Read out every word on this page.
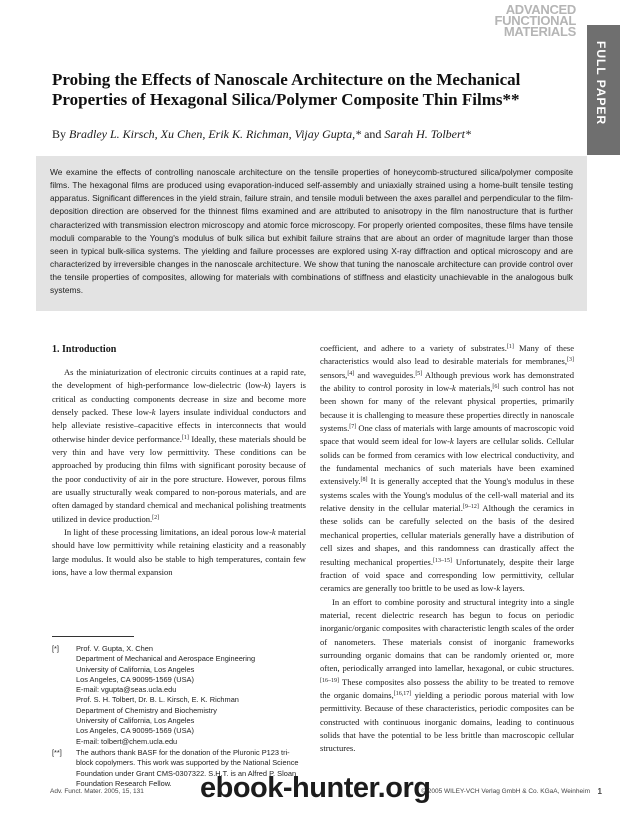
ADVANCED
FUNCTIONAL
MATERIALS
FULL PAPER
Probing the Effects of Nanoscale Architecture on the Mechanical Properties of Hexagonal Silica/Polymer Composite Thin Films**
By Bradley L. Kirsch, Xu Chen, Erik K. Richman, Vijay Gupta,* and Sarah H. Tolbert*
We examine the effects of controlling nanoscale architecture on the tensile properties of honeycomb-structured silica/polymer composite films. The hexagonal films are produced using evaporation-induced self-assembly and uniaxially strained using a home-built tensile testing apparatus. Significant differences in the yield strain, failure strain, and tensile moduli between the axes parallel and perpendicular to the film-deposition direction are observed for the thinnest films examined and are attributed to anisotropy in the film nanostructure that is further characterized with transmission electron microscopy and atomic force microscopy. For properly oriented composites, these films have tensile moduli comparable to the Young's modulus of bulk silica but exhibit failure strains that are about an order of magnitude larger than those seen in typical bulk-silica systems. The yielding and failure processes are explored using X-ray diffraction and optical microscopy and are characterized by irreversible changes in the nanoscale architecture. We show that tuning the nanoscale architecture can provide control over the tensile properties of composites, allowing for materials with combinations of stiffness and elasticity unachievable in the analogous bulk systems.
1. Introduction

As the miniaturization of electronic circuits continues at a rapid rate, the development of high-performance low-dielectric (low-k) layers is critical as conducting components decrease in size and become more densely packed. These low-k layers insulate individual conductors and help alleviate resistive–capacitive effects in interconnects that would otherwise hinder device performance.[1] Ideally, these materials should be very thin and have very low permittivity. These conditions can be approached by producing thin films with significant porosity because of the poor conductivity of air in the pore structure. However, porous films are usually structurally weak compared to non-porous materials, and are often damaged by standard chemical and mechanical polishing treatments utilized in device production.[2]

In light of these processing limitations, an ideal porous low-k material should have low permittivity while retaining elasticity and a reasonably large modulus. It would also be stable to high temperatures, contain few ions, have a low thermal expansion

coefficient, and adhere to a variety of substrates.[1] Many of these characteristics would also lead to desirable materials for membranes,[3] sensors,[4] and waveguides.[5] Although previous work has demonstrated the ability to control porosity in low-k materials,[6] such control has not been shown for many of the relevant physical properties, primarily because it is challenging to measure these properties directly in nanoscale systems.[7] One class of materials with large amounts of macroscopic void space that would seem ideal for low-k layers are cellular solids. Cellular solids can be formed from ceramics with low electrical conductivity, and the fundamental mechanics of such materials have been examined extensively.[8] It is generally accepted that the Young's modulus in these systems scales with the Young's modulus of the cell-wall material and its relative density in the cellular material.[9–12] Although the ceramics in these solids can be carefully selected on the basis of the desired mechanical properties, cellular materials generally have a distribution of cell sizes and shapes, and this randomness can drastically affect the resulting mechanical properties.[13–15] Unfortunately, despite their large fraction of void space and corresponding low permittivity, cellular ceramics are generally too brittle to be used as low-k layers.

In an effort to combine porosity and structural integrity into a single material, recent dielectric research has begun to focus on periodic inorganic/organic composites with characteristic length scales of the order of nanometers. These materials consist of inorganic frameworks surrounding organic domains that can be randomly oriented or, more often, periodically arranged into lamellar, hexagonal, or cubic structures.[16–19] These composites also possess the ability to be treated to remove the organic domains,[16,17] yielding a periodic porous material with low permittivity. Because of these characteristics, periodic composites can be constructed with continuous inorganic domains, leading to continuous solids that have the potential to be less brittle than macroscopic cellular structures.

[*] Prof. V. Gupta, X. Chen
Department of Mechanical and Aerospace Engineering
University of California, Los Angeles
Los Angeles, CA 90095-1569 (USA)
E-mail: vgupta@seas.ucla.edu
Prof. S. H. Tolbert, Dr. B. L. Kirsch, E. K. Richman
Department of Chemistry and Biochemistry
University of California, Los Angeles
Los Angeles, CA 90095-1569 (USA)
E-mail: tolbert@chem.ucla.edu
[**] The authors thank BASF for the donation of the Pluronic P123 tri-
block copolymers. This work was supported by the National Science
Foundation under Grant CMS-0307322. S.H.T. is an Alfred P. Sloan
Foundation Research Fellow.
Adv. Funct. Mater. 2005, 15, 131	© 2005 WILEY-VCH Verlag GmbH & Co. KGaA, Weinheim 1
ebook-hunter.org
